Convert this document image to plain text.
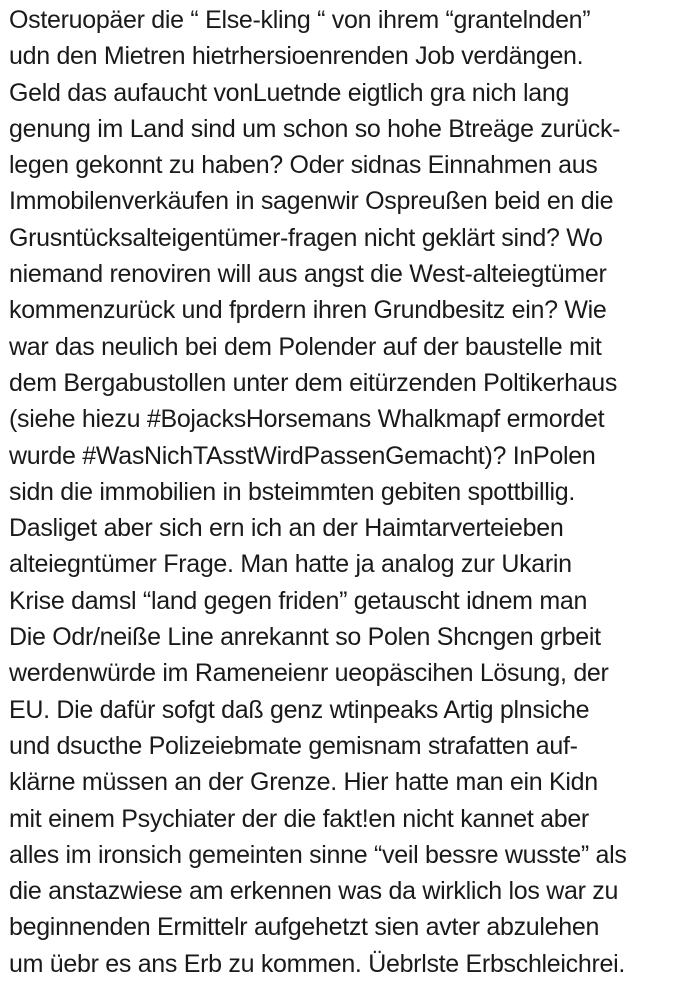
Osteruopäer die “ Else-kling “ von ihrem “grantelnden”
udn den Mietren hietrhersioenrenden Job verdängen.
Geld das aufaucht vonLuetnde eigtlich gra nich lang
genung im Land sind um schon so hohe Btreäge zurück-
legen gekonnt zu haben? Oder sidnas Einnahmen aus
Immobilenverkäufen in sagenwir Ospreußen beid en die
Grusntücksalteigentümer-fragen nicht geklärt sind? Wo
niemand renoviren will aus angst die West-alteiegtümer
kommenzurück und fprdern ihren Grundbesitz ein? Wie
war das neulich bei dem Polender auf der baustelle mit
dem Bergabustollen unter dem eitürzenden Poltikerhaus
(siehe hiezu #BojacksHorsemans Whalkmapf ermordet
wurde #WasNichTAsstWirdPassenGemacht)? InPolen
sidn die immobilien in bsteimmten gebiten spottbillig.
Dasliget aber sich ern ich an der Haimtarverteieben
alteiegntümer Frage. Man hatte ja analog zur Ukarin
Krise damsl “land gegen friden” getauscht idnem man
Die Odr/neiße Line anrekannt so Polen Shcngen grbeit
werdenwürde im Rameneienr ueopäscihen Lösung, der
EU. Die dafür sofgt daß genz wtinpeaks Artig plnsiche
und dsucthe Polizeiebmate gemisnam strafatten auf-
klärne müssen an der Grenze. Hier hatte man ein Kidn
mit einem Psychiater der die fakt!en nicht kannet aber
alles im ironsich gemeinten sinne “veil bessre wusste” als
die anstazwiese am erkennen was da wirklich los war zu
beginnenden Ermittelr aufgehetzt sien avter abzulehen
um üebr es ans Erb zu kommen. Üebrlste Erbschleichrei.
